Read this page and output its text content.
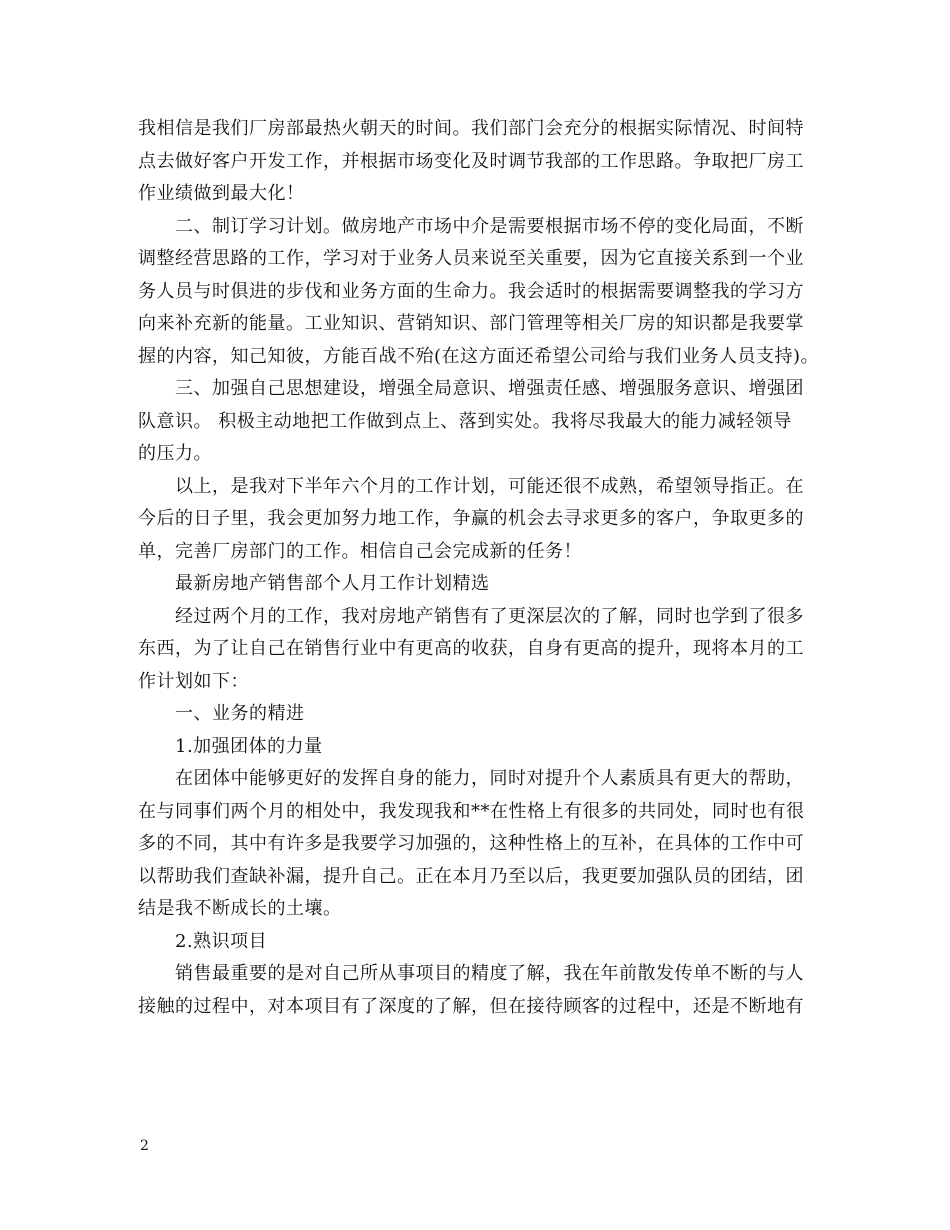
我相信是我们厂房部最热火朝天的时间。我们部门会充分的根据实际情况、时间特
点去做好客户开发工作，并根据市场变化及时调节我部的工作思路。争取把厂房工
作业绩做到最大化！
二、制订学习计划。做房地产市场中介是需要根据市场不停的变化局面，不断
调整经营思路的工作，学习对于业务人员来说至关重要，因为它直接关系到一个业
务人员与时俱进的步伐和业务方面的生命力。我会适时的根据需要调整我的学习方
向来补充新的能量。工业知识、营销知识、部门管理等相关厂房的知识都是我要掌
握的内容，知己知彼，方能百战不殆(在这方面还希望公司给与我们业务人员支持)。
三、加强自己思想建设，增强全局意识、增强责任感、增强服务意识、增强团
队意识。 积极主动地把工作做到点上、落到实处。我将尽我最大的能力减轻领导
的压力。
以上，是我对下半年六个月的工作计划，可能还很不成熟，希望领导指正。在
今后的日子里，我会更加努力地工作，争赢的机会去寻求更多的客户，争取更多的
单，完善厂房部门的工作。相信自己会完成新的任务！
最新房地产销售部个人月工作计划精选
经过两个月的工作，我对房地产销售有了更深层次的了解，同时也学到了很多
东西，为了让自己在销售行业中有更高的收获，自身有更高的提升，现将本月的工
作计划如下：
一、业务的精进
1.加强团体的力量
在团体中能够更好的发挥自身的能力，同时对提升个人素质具有更大的帮助，
在与同事们两个月的相处中，我发现我和**在性格上有很多的共同处，同时也有很
多的不同，其中有许多是我要学习加强的，这种性格上的互补，在具体的工作中可
以帮助我们查缺补漏，提升自己。正在本月乃至以后，我更要加强队员的团结，团
结是我不断成长的土壤。
2.熟识项目
销售最重要的是对自己所从事项目的精度了解，我在年前散发传单不断的与人
接触的过程中，对本项目有了深度的了解，但在接待顾客的过程中，还是不断地有
2
